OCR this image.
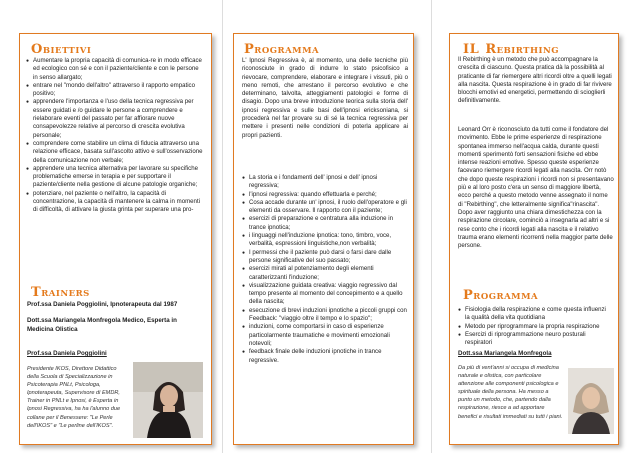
OBIETTIVI
● Aumentare la propria capacità di comunica-re in modo efficace ed ecologico con sé e con il paziente/cliente e con le persone in senso allargato;
● entrare nel "mondo dell'altro" attraverso il rapporto empatico positivo;
● apprendere l'importanza e l'uso della tecnica regressiva per essere guidati e /o guidare le persone a comprendere e rielaborare eventi del passato per far affiorare nuove consapevolezze relative al percorso di crescita evolutiva personale;
● comprendere come stabilire un clima di fiducia attraverso una relazione efficace, basata sull'ascolto attivo e sull'osservazione della comunicazione non verbale;
● apprendere una tecnica alternativa per lavorare su specifiche problematiche emerse in terapia e per supportare il paziente/cliente nella gestione di alcune patologie organiche;
● potenziare, nel paziente o nell'altro, la capacità di concentrazione, la capacità di mantenere la calma in momenti di difficoltà, di attivare la giusta grinta per superare una pro-
TRAINERS
Prof.ssa Daniela Poggiolini, Ipnoterapeuta dal 1987
Dott.ssa Mariangela Monfregola Medico, Esperta in Medicina Olistica
Prof.ssa Daniela Poggiolini
Presidente IKOS, Direttore Didattico della Scuola di Specializzazione in Psicoterapia PNLt, Psicologa, Ipnoterapeuta, Supervisore di EMDR, Trainer in PNLt e Ipnosi, è Esperta in Ipnosi Regressiva, ha ha l'alunno due collane per il Benessere: "Le Perle dell'IKOS" e "Le perline dell'IKOS".
PROGRAMMA

L' Ipnosi Regressiva è, al momento, una delle tecniche più riconosciute in grado di indurre lo stato psicofisico a rievocare, comprendere, elaborare e integrare i vissuti, più o meno remoti, che arrestano il percorso evolutivo e che determinano, talvolta, atteggiamenti patologici e forme di disagio. Dopo una breve introduzione teorica sulla storia dell' ipnosi regressiva e sulle basi dell'ipnosi ericksoniana, si procederà nel far provare su di sé la tecnica regressiva per mettere i presenti nelle condizioni di poterla applicare ai propri pazienti.

● La storia e i fondamenti dell' ipnosi e dell' ipnosi regressiva;
● l'ipnosi regressiva: quando effettuarla e perché;
● Cosa accade durante un' ipnosi, il ruolo dell'operatore e gli elementi da osservare. Il rapporto con il paziente;
● esercizi di preparazione e centratura alla induzione in trance ipnotica;
● i linguaggi nell'induzione ipnotica: tono, timbro, voce, verbalità, espressioni linguistiche,non verbalità;
● I permessi che il paziente può darsi o farsi dare dalle persone significative del suo passato;
● esercizi mirati al potenziamento degli elementi caratterizzanti l'induzione;
● visualizzazione guidata creativa: viaggio regressivo dal tempo presente al momento del concepimento e a quello della nascita;
● esecuzione di brevi induzioni ipnotiche a piccoli gruppi con Feedback: "viaggio oltre il tempo e lo spazio";
● induzioni, come comportarsi in caso di esperienze particolarmente traumatiche e movimenti emozionali notevoli;
● feedback finale delle induzioni ipnotiche in trance regressive.
IL REBIRTHING

Il Rebirthing è un metodo che può accompagnare la crescita di ciascuno. Questa pratica dà la possibilità al praticante di far riemergere altri ricordi oltre a quelli legati alla nascita. Questa respirazione è in grado di far rivivere blocchi emotivi ed energetici, permettendo di scioglierli definitivamente.

Leonard Orr è riconosciuto da tutti come il fondatore del movimento. Ebbe le prime esperienze di respirazione spontanea immerso nell'acqua calda, durante questi momenti sperimentò forti sensazioni fisiche ed ebbe intense reazioni emotive. Spesso queste esperienze facevano riemergere ricordi legati alla nascita. Orr notò che dopo queste respirazioni i ricordi non si presentavano più e al loro posto c'era un senso di maggiore libertà, ecco perché a questo metodo venne assegnato il nome di "Rebirthing", che letteralmente significa"rinascita". Dopo aver raggiunto una chiara dimestichezza con la respirazione circolare, cominciò a insegnarla ad altri e si rese conto che i ricordi legati alla nascita e il relativo trauma erano elementi ricorrenti nella maggior parte delle persone.

PROGRAMMA
● Fisiologia della respirazione e come questa influenzi la qualità della vita quotidiana
● Metodo per riprogrammare la propria respirazione
● Esercizi di riprogrammazione neuro posturali respiratori
Dott.ssa Mariangela Monfregola
Da più di vent'anni si occupa di medicina naturale e olistica, con particolare attenzione alle componenti psicologica e spirituale della persona. Ha messo a punto un metodo, che, partendo dalla respirazione, riesce a ad apportare benefici e risultati immediati su tutti i piani.
